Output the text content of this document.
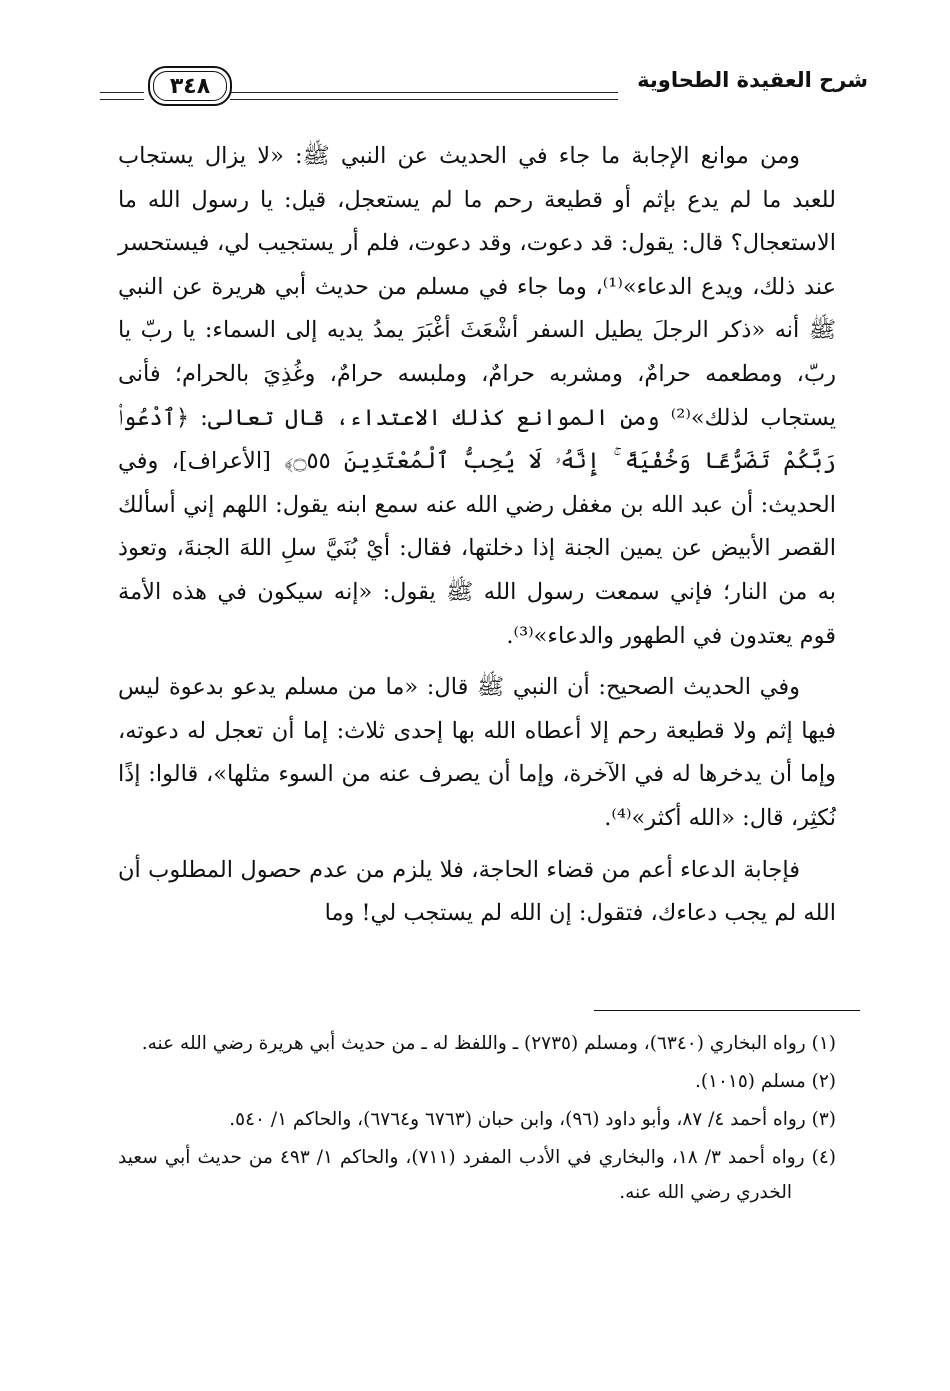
شرح العقيدة الطحاوية
٣٤٨

ومن موانع الإجابة ما جاء في الحديث عن النبي ﷺ: «لا يزال يستجاب للعبد ما لم يدع بإثم أو قطيعة رحم ما لم يستعجل، قيل: يا رسول الله ما الاستعجال؟ قال: يقول: قد دعوت، وقد دعوت، فلم أر يستجيب لي، فيستحسر عند ذلك، ويدع الدعاء»⁽¹⁾، وما جاء في مسلم من حديث أبي هريرة عن النبي ﷺ أنه «ذكر الرجلَ يطيل السفر أشْعَثَ أغْبَرَ يمدُ يديه إلى السماء: يا ربّ يا ربّ، ومطعمه حرامٌ، ومشربه حرامٌ، وملبسه حرامٌ، وغُذِيَ بالحرام؛ فأنى يستجاب لذلك»⁽²⁾ ومن الموانع كذلك الاعتداء، قال تعالى: ﴿ٱدْعُوا۟ رَبَّكُمْ تَضَرُّعًا وَخُفْيَةً ۚ إِنَّهُۥ لَا يُحِبُّ ٱلْمُعْتَدِينَ ۝٥٥﴾ [الأعراف]، وفي الحديث: أن عبد الله بن مغفل رضي الله عنه سمع ابنه يقول: اللهم إني أسألك القصر الأبيض عن يمين الجنة إذا دخلتها، فقال: أيْ بُنَيَّ سلِ اللهَ الجنةَ، وتعوذ به من النار؛ فإني سمعت رسول الله ﷺ يقول: «إنه سيكون في هذه الأمة قوم يعتدون في الطهور والدعاء»⁽³⁾.

وفي الحديث الصحيح: أن النبي ﷺ قال: «ما من مسلم يدعو بدعوة ليس فيها إثم ولا قطيعة رحم إلا أعطاه الله بها إحدى ثلاث: إما أن تعجل له دعوته، وإما أن يدخرها له في الآخرة، وإما أن يصرف عنه من السوء مثلها»، قالوا: إذًا نُكثِر، قال: «الله أكثر»⁽⁴⁾.

فإجابة الدعاء أعم من قضاء الحاجة، فلا يلزم من عدم حصول المطلوب أن الله لم يجب دعاءك، فتقول: إن الله لم يستجب لي! وما

(١) رواه البخاري (٦٣٤٠)، ومسلم (٢٧٣٥) ـ واللفظ له ـ من حديث أبي هريرة رضي الله عنه.

(٢) مسلم (١٠١٥).

(٣) رواه أحمد ٤/ ٨٧، وأبو داود (٩٦)، وابن حبان (٦٧٦٣ و٦٧٦٤)، والحاكم ١/ ٥٤٠.

(٤) رواه أحمد ٣/ ١٨، والبخاري في الأدب المفرد (٧١١)، والحاكم ١/ ٤٩٣ من حديث أبي سعيد الخدري رضي الله عنه.
